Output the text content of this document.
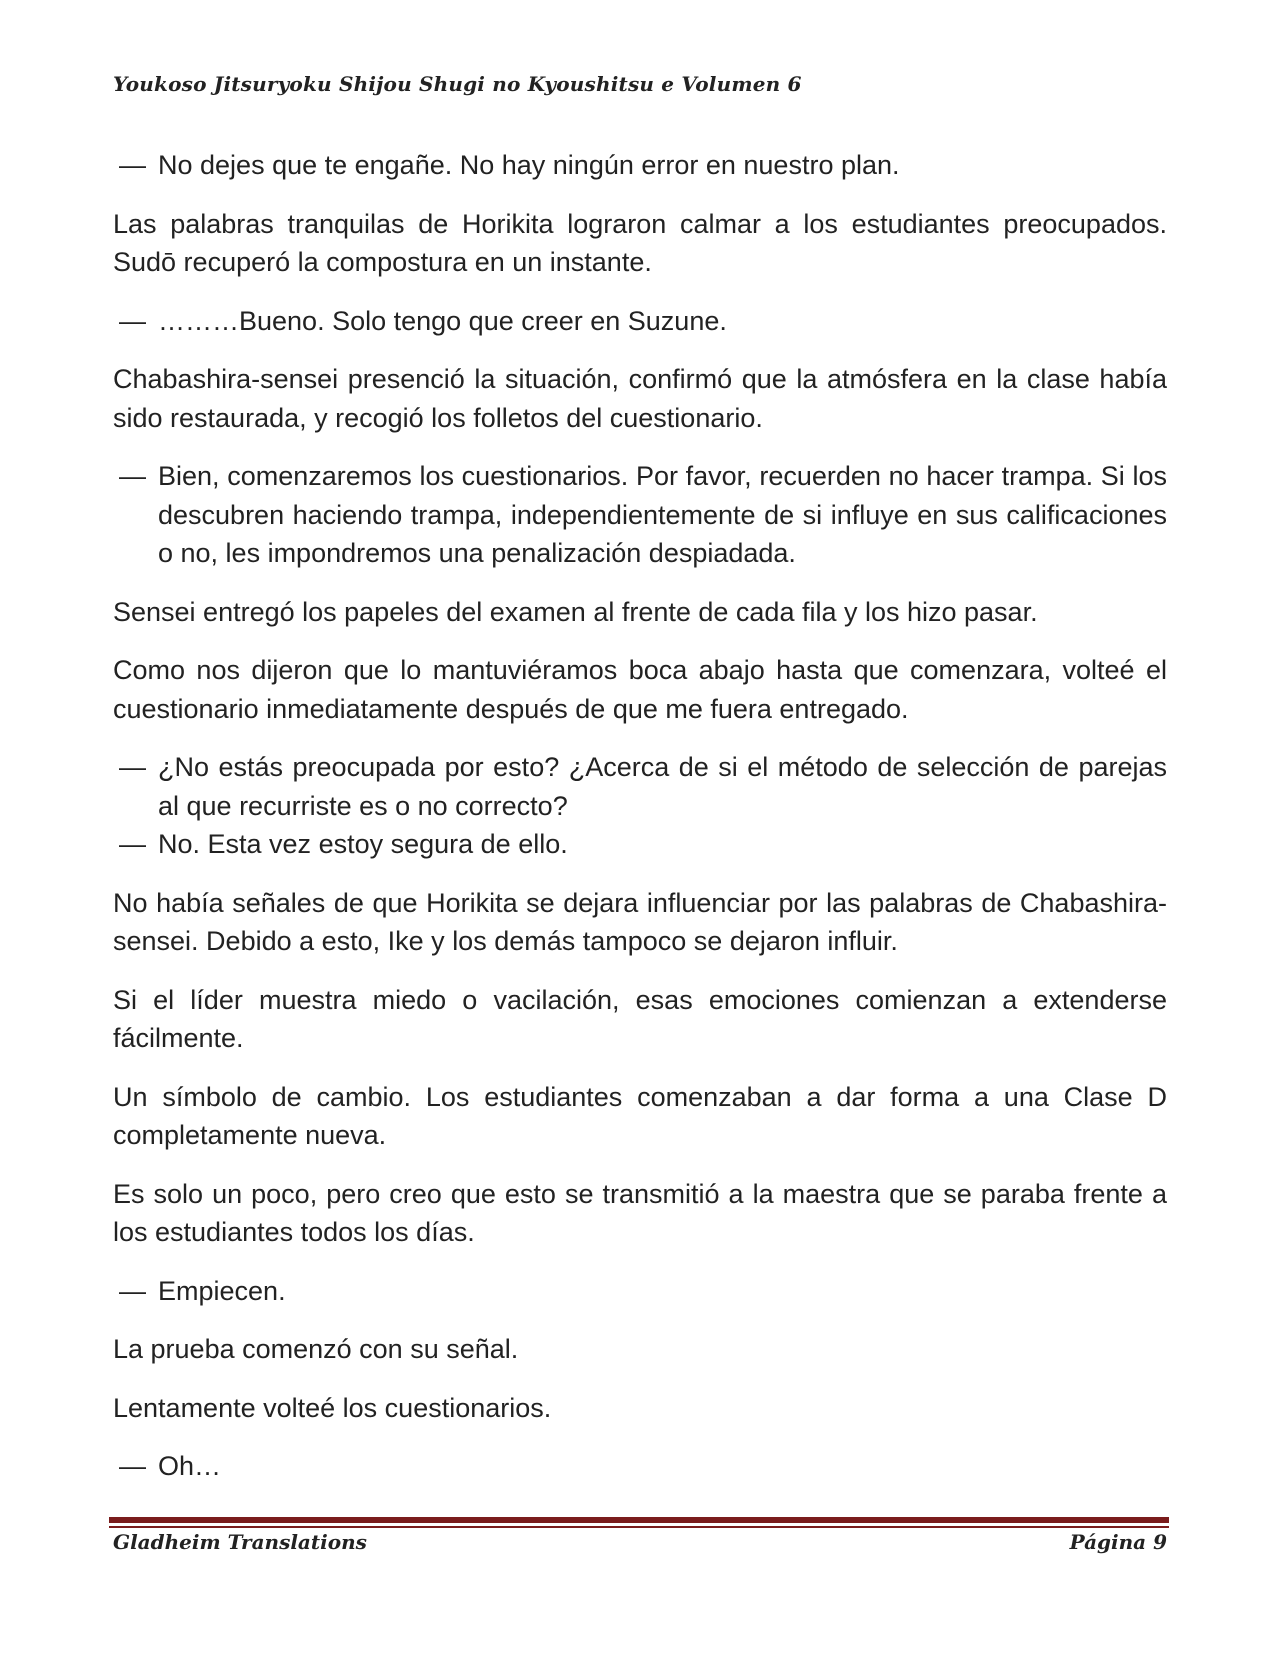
Youkoso Jitsuryoku Shijou Shugi no Kyoushitsu e Volumen 6
— No dejes que te engañe. No hay ningún error en nuestro plan.

Las palabras tranquilas de Horikita lograron calmar a los estudiantes preocupados. Sudō recuperó la compostura en un instante.

— ………Bueno. Solo tengo que creer en Suzune.

Chabashira-sensei presenció la situación, confirmó que la atmósfera en la clase había sido restaurada, y recogió los folletos del cuestionario.

— Bien, comenzaremos los cuestionarios. Por favor, recuerden no hacer trampa. Si los descubren haciendo trampa, independientemente de si influye en sus calificaciones o no, les impondremos una penalización despiadada.

Sensei entregó los papeles del examen al frente de cada fila y los hizo pasar.

Como nos dijeron que lo mantuviéramos boca abajo hasta que comenzara, volteé el cuestionario inmediatamente después de que me fuera entregado.

— ¿No estás preocupada por esto? ¿Acerca de si el método de selección de parejas al que recurriste es o no correcto?
— No. Esta vez estoy segura de ello.

No había señales de que Horikita se dejara influenciar por las palabras de Chabashira-sensei. Debido a esto, Ike y los demás tampoco se dejaron influir.

Si el líder muestra miedo o vacilación, esas emociones comienzan a extenderse fácilmente.

Un símbolo de cambio. Los estudiantes comenzaban a dar forma a una Clase D completamente nueva.

Es solo un poco, pero creo que esto se transmitió a la maestra que se paraba frente a los estudiantes todos los días.

— Empiecen.

La prueba comenzó con su señal.

Lentamente volteé los cuestionarios.

— Oh…
Gladheim Translations	Página 9
